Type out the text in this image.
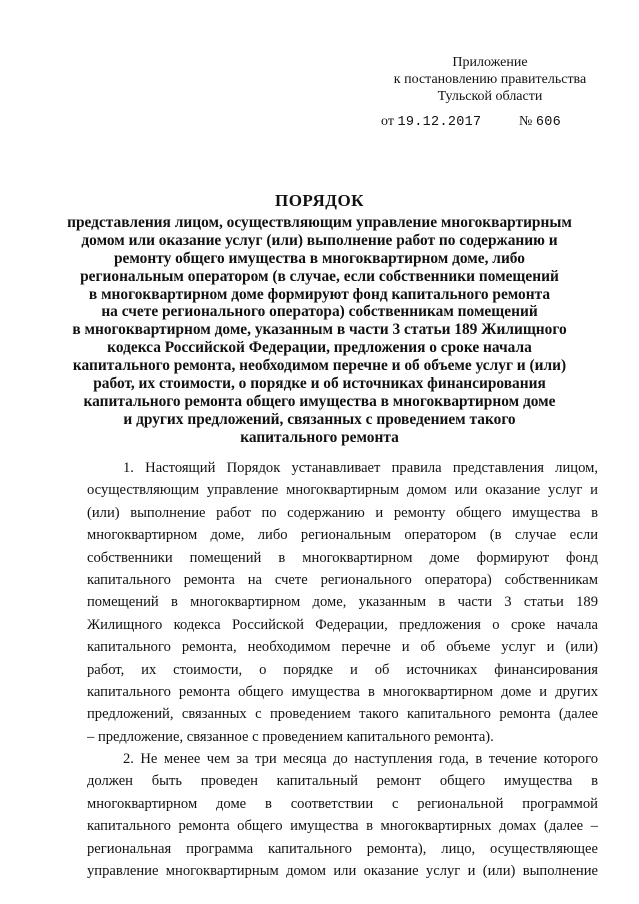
Приложение
к постановлению правительства
Тульской области
от 19.12.2017	№ 606
ПОРЯДОК
представления лицом, осуществляющим управление многоквартирным
домом или оказание услуг (или) выполнение работ по содержанию и
ремонту общего имущества в многоквартирном доме, либо
региональным оператором (в случае, если собственники помещений
в многоквартирном доме формируют фонд капитального ремонта
на счете регионального оператора) собственникам помещений
в многоквартирном доме, указанным в части 3 статьи 189 Жилищного
кодекса Российской Федерации, предложения о сроке начала
капитального ремонта, необходимом перечне и об объеме услуг и (или)
работ, их стоимости, о порядке и об источниках финансирования
капитального ремонта общего имущества в многоквартирном доме
и других предложений, связанных с проведением такого
капитального ремонта
1. Настоящий Порядок устанавливает правила представления лицом,
осуществляющим управление многоквартирным домом или оказание услуг и
(или) выполнение работ по содержанию и ремонту общего имущества в
многоквартирном доме, либо региональным оператором (в случае если
собственники помещений в многоквартирном доме формируют фонд
капитального ремонта на счете регионального оператора) собственникам
помещений в многоквартирном доме, указанным в части 3 статьи 189
Жилищного кодекса Российской Федерации, предложения о сроке начала
капитального ремонта, необходимом перечне и об объеме услуг и (или)
работ, их стоимости, о порядке и об источниках финансирования
капитального ремонта общего имущества в многоквартирном доме и других
предложений, связанных с проведением такого капитального ремонта (далее
– предложение, связанное с проведением капитального ремонта).
2. Не менее чем за три месяца до наступления года, в течение которого
должен быть проведен капитальный ремонт общего имущества в
многоквартирном доме в соответствии с региональной программой
капитального ремонта общего имущества в многоквартирных домах (далее –
региональная программа капитального ремонта), лицо, осуществляющее
управление многоквартирным домом или оказание услуг и (или) выполнение
